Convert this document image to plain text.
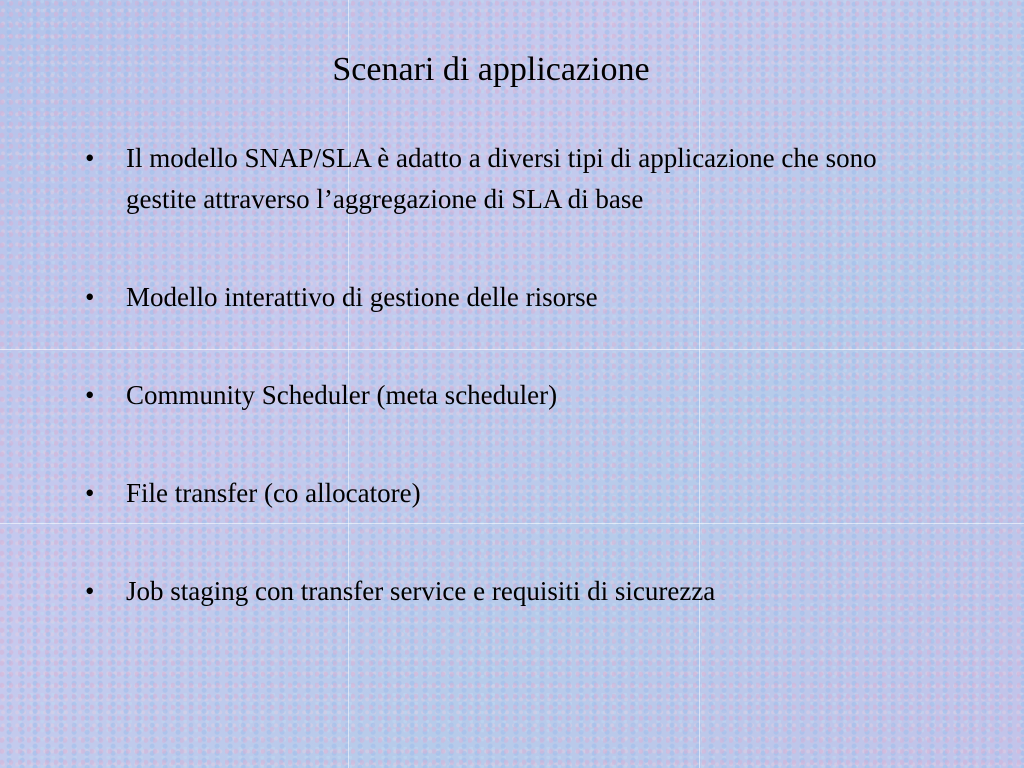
Scenari di applicazione
•	Il modello SNAP/SLA è adatto a diversi tipi di applicazione che sono gestite attraverso l’aggregazione di SLA di base
•	Modello interattivo di gestione delle risorse
•	Community Scheduler (meta scheduler)
•	File transfer (co allocatore)
•	Job staging con transfer service e requisiti di sicurezza
